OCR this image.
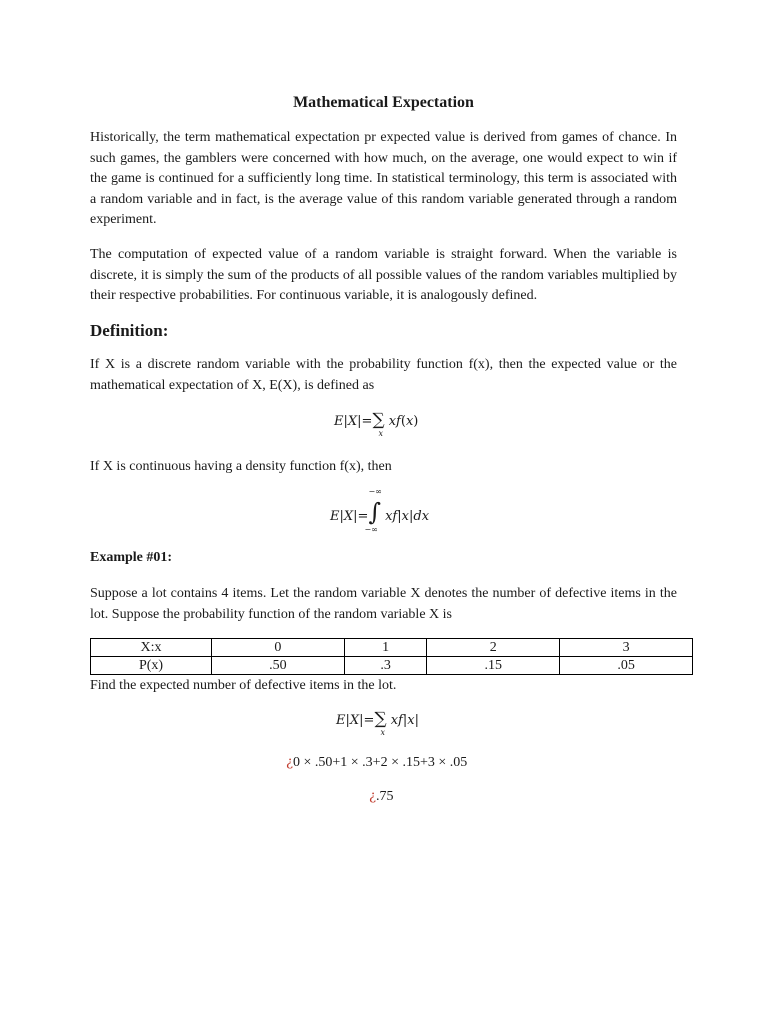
Mathematical Expectation

Historically, the term mathematical expectation pr expected value is derived from games of chance. In such games, the gamblers were concerned with how much, on the average, one would expect to win if the game is continued for a sufficiently long time. In statistical terminology, this term is associated with a random variable and in fact, is the average value of this random variable generated through a random experiment.

The computation of expected value of a random variable is straight forward. When the variable is discrete, it is simply the sum of the products of all possible values of the random variables multiplied by their respective probabilities. For continuous variable, it is analogously defined.

Definition:

If X is a discrete random variable with the probability function f(x), then the expected value or the mathematical expectation of X, E(X), is defined as

E|X|=∑
x
xf(x)

If X is continuous having a density function f(x), then

E|X|=∫
−∞
−∞
xf|x|dx
Example #01:

Suppose a lot contains 4 items. Let the random variable X denotes the number of defective items in the lot. Suppose the probability function of the random variable X is

X:x	0	1	2	3
P(x)	.50	.3	.15	.05

Find the expected number of defective items in the lot.

E|X|=∑
x
xf|x|
¿0 × .50+1 × .3+2 × .15+3 × .05
¿.75
